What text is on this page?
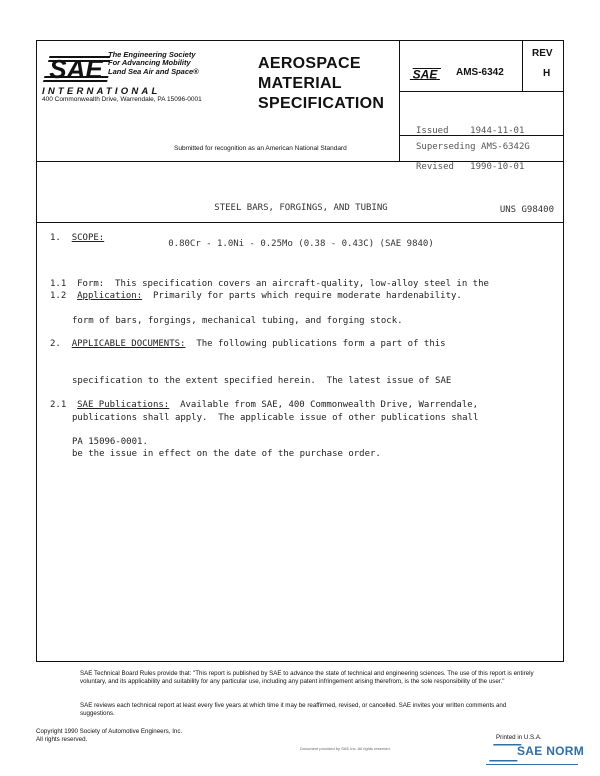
SAE The Engineering Society
For Advancing Mobility
Land Sea Air and Space®
INTERNATIONAL
400 Commonwealth Drive, Warrendale, PA 15096-0001
AEROSPACE
MATERIAL
SPECIFICATION
Submitted for recognition as an American National Standard
SAE AMS-6342
REV
H

Issued    1944-11-01

Revised   1990-10-01

Superseding AMS-6342G

STEEL BARS, FORGINGS, AND TUBING

0.80Cr - 1.0Ni - 0.25Mo (0.38 - 0.43C) (SAE 9840)

UNS G98400
1. SCOPE:

1.1 Form: This specification covers an aircraft-quality, low-alloy steel in the

form of bars, forgings, mechanical tubing, and forging stock.

1.2 Application: Primarily for parts which require moderate hardenability.

2. APPLICABLE DOCUMENTS: The following publications form a part of this

specification to the extent specified herein.  The latest issue of SAE

publications shall apply.  The applicable issue of other publications shall

be the issue in effect on the date of the purchase order.

2.1 SAE Publications: Available from SAE, 400 Commonwealth Drive, Warrendale,

PA 15096-0001.

SAE Technical Board Rules provide that: "This report is published by SAE to advance the state of technical and engineering sciences. The use of this report is entirely voluntary, and its applicability and suitability for any particular use, including any patent infringement arising therefrom, is the sole responsibility of the user."
SAE reviews each technical report at least every five years at which time it may be reaffirmed, revised, or cancelled. SAE invites your written comments and suggestions.
Copyright 1990 Society of Automotive Engineers, Inc.
All rights reserved.	Printed in U.S.A.
Document provided by SAE Inc. All rights reserved.	SAE NORM
